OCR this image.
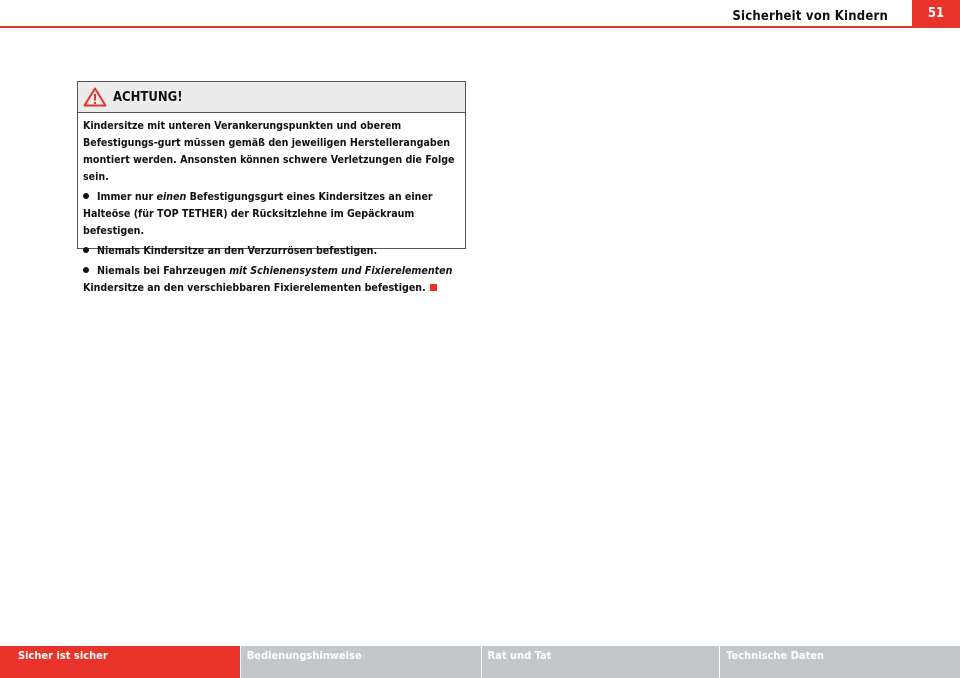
Sicherheit von Kindern	51
ACHTUNG!

Kindersitze mit unteren Verankerungspunkten und oberem Befestigungs-gurt müssen gemäß den jeweiligen Herstellerangaben montiert werden. Ansonsten können schwere Verletzungen die Folge sein.

Immer nur einen Befestigungsgurt eines Kindersitzes an einer Halteöse (für TOP TETHER) der Rücksitzlehne im Gepäckraum befestigen.

Niemals Kindersitze an den Verzurrösen befestigen.

Niemals bei Fahrzeugen mit Schienensystem und Fixierelementen Kindersitze an den verschiebbaren Fixierelementen befestigen.

Sicher ist sicher	Bedienungshinweise	Rat und Tat	Technische Daten
